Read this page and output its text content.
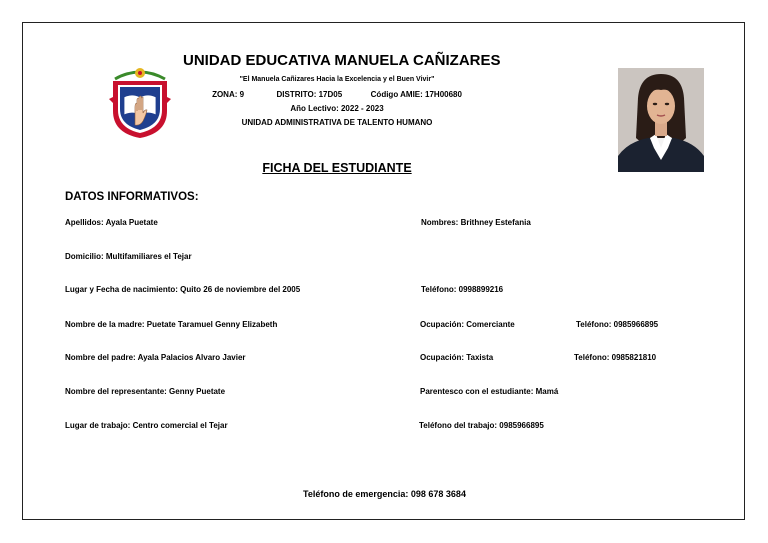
UNIDAD EDUCATIVA MANUELA CAÑIZARES
"El Manuela Cañizares Hacia la Excelencia y el Buen Vivir"
ZONA: 9	DISTRITO: 17D05	Código AMIE: 17H00680
Año Lectivo: 2022 - 2023
UNIDAD ADMINISTRATIVA DE TALENTO HUMANO
FICHA DEL ESTUDIANTE
DATOS INFORMATIVOS:
Apellidos: Ayala Puetate	Nombres: Brithney Estefania
Domicilio: Multifamiliares el Tejar
Lugar y Fecha de nacimiento: Quito 26 de noviembre del 2005	Teléfono: 0998899216
Nombre de la madre: Puetate Taramuel Genny Elizabeth	Ocupación: Comerciante	Teléfono: 0985966895
Nombre del padre: Ayala Palacios Alvaro Javier	Ocupación: Taxista	Teléfono: 0985821810
Nombre del representante: Genny Puetate	Parentesco con el estudiante: Mamá
Lugar de trabajo: Centro comercial el Tejar	Teléfono del trabajo: 0985966895
Teléfono de emergencia: 098 678 3684
